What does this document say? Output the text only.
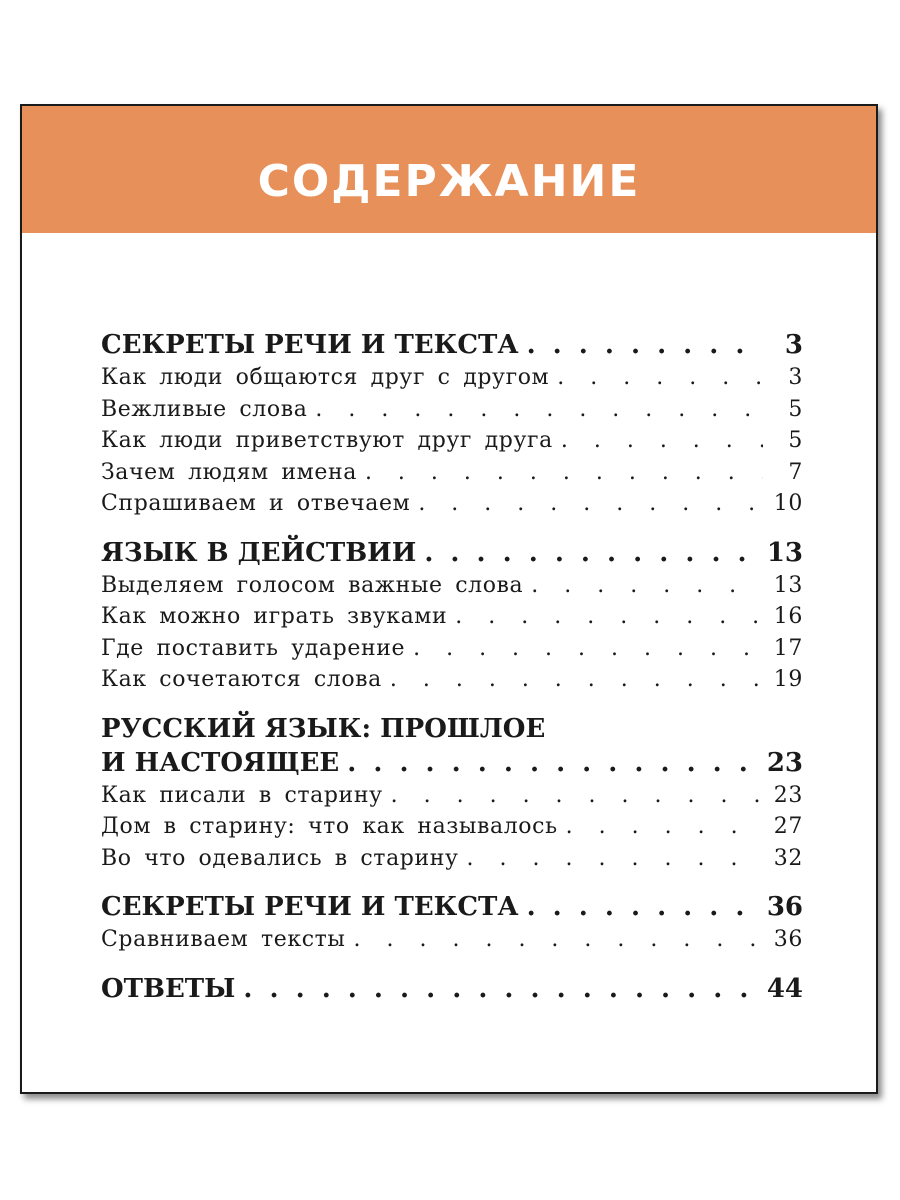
СОДЕРЖАНИЕ
СЕКРЕТЫ РЕЧИ И ТЕКСТА . . .	3
Как люди общаются друг с другом . . .	3
Вежливые слова . . .	5
Как люди приветствуют друг друга . . .	5
Зачем людям имена . . .	7
Спрашиваем и отвечаем . . .	10
ЯЗЫК В ДЕЙСТВИИ . . .	13
Выделяем голосом важные слова . . .	13
Как можно играть звуками . . .	16
Где поставить ударение . . .	17
Как сочетаются слова . . .	19
РУССКИЙ ЯЗЫК: ПРОШЛОЕ
И НАСТОЯЩЕЕ . . .	23
Как писали в старину . . .	23
Дом в старину: что как называлось . . .	27
Во что одевались в старину . . .	32
СЕКРЕТЫ РЕЧИ И ТЕКСТА . . .	36
Сравниваем тексты . . .	36
ОТВЕТЫ . . .	44
